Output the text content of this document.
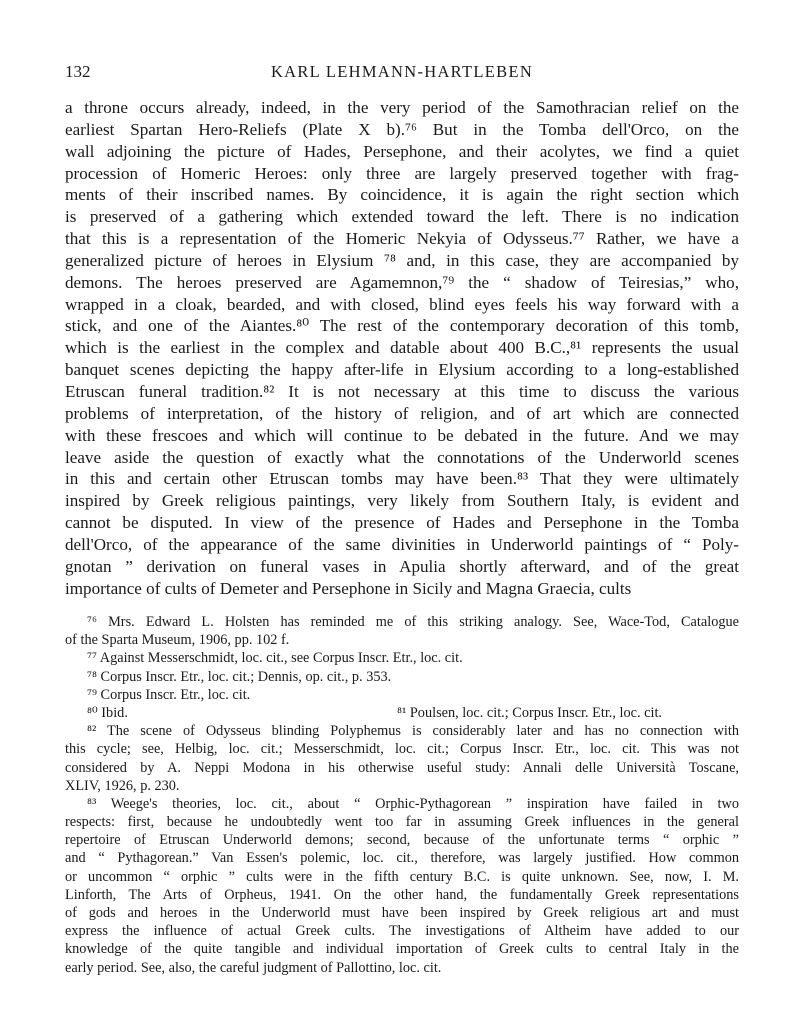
132	KARL LEHMANN-HARTLEBEN
a throne occurs already, indeed, in the very period of the Samothracian relief on the
earliest Spartan Hero-Reliefs (Plate X b).⁷⁶ But in the Tomba dell'Orco, on the
wall adjoining the picture of Hades, Persephone, and their acolytes, we find a quiet
procession of Homeric Heroes: only three are largely preserved together with frag-
ments of their inscribed names. By coincidence, it is again the right section which
is preserved of a gathering which extended toward the left. There is no indication
that this is a representation of the Homeric Nekyia of Odysseus.⁷⁷ Rather, we have a
generalized picture of heroes in Elysium ⁷⁸ and, in this case, they are accompanied by
demons. The heroes preserved are Agamemnon,⁷⁹ the “ shadow of Teiresias,” who,
wrapped in a cloak, bearded, and with closed, blind eyes feels his way forward with a
stick, and one of the Aiantes.⁸⁰ The rest of the contemporary decoration of this tomb,
which is the earliest in the complex and datable about 400 B.C.,⁸¹ represents the usual
banquet scenes depicting the happy after-life in Elysium according to a long-established
Etruscan funeral tradition.⁸² It is not necessary at this time to discuss the various
problems of interpretation, of the history of religion, and of art which are connected
with these frescoes and which will continue to be debated in the future. And we may
leave aside the question of exactly what the connotations of the Underworld scenes
in this and certain other Etruscan tombs may have been.⁸³ That they were ultimately
inspired by Greek religious paintings, very likely from Southern Italy, is evident and
cannot be disputed. In view of the presence of Hades and Persephone in the Tomba
dell'Orco, of the appearance of the same divinities in Underworld paintings of “ Poly-
gnotan ” derivation on funeral vases in Apulia shortly afterward, and of the great
importance of cults of Demeter and Persephone in Sicily and Magna Graecia, cults
⁷⁶ Mrs. Edward L. Holsten has reminded me of this striking analogy. See, Wace-Tod, Catalogue
of the Sparta Museum, 1906, pp. 102 f.
⁷⁷ Against Messerschmidt, loc. cit., see Corpus Inscr. Etr., loc. cit.
⁷⁸ Corpus Inscr. Etr., loc. cit.; Dennis, op. cit., p. 353.
⁷⁹ Corpus Inscr. Etr., loc. cit.
⁸⁰ Ibid.	⁸¹ Poulsen, loc. cit.; Corpus Inscr. Etr., loc. cit.
⁸² The scene of Odysseus blinding Polyphemus is considerably later and has no connection with
this cycle; see, Helbig, loc. cit.; Messerschmidt, loc. cit.; Corpus Inscr. Etr., loc. cit. This was not
considered by A. Neppi Modona in his otherwise useful study: Annali delle Università Toscane,
XLIV, 1926, p. 230.
⁸³ Weege's theories, loc. cit., about “ Orphic-Pythagorean ” inspiration have failed in two
respects: first, because he undoubtedly went too far in assuming Greek influences in the general
repertoire of Etruscan Underworld demons; second, because of the unfortunate terms “ orphic ”
and “ Pythagorean.” Van Essen's polemic, loc. cit., therefore, was largely justified. How common
or uncommon “ orphic ” cults were in the fifth century B.C. is quite unknown. See, now, I. M.
Linforth, The Arts of Orpheus, 1941. On the other hand, the fundamentally Greek representations
of gods and heroes in the Underworld must have been inspired by Greek religious art and must
express the influence of actual Greek cults. The investigations of Altheim have added to our
knowledge of the quite tangible and individual importation of Greek cults to central Italy in the
early period. See, also, the careful judgment of Pallottino, loc. cit.
